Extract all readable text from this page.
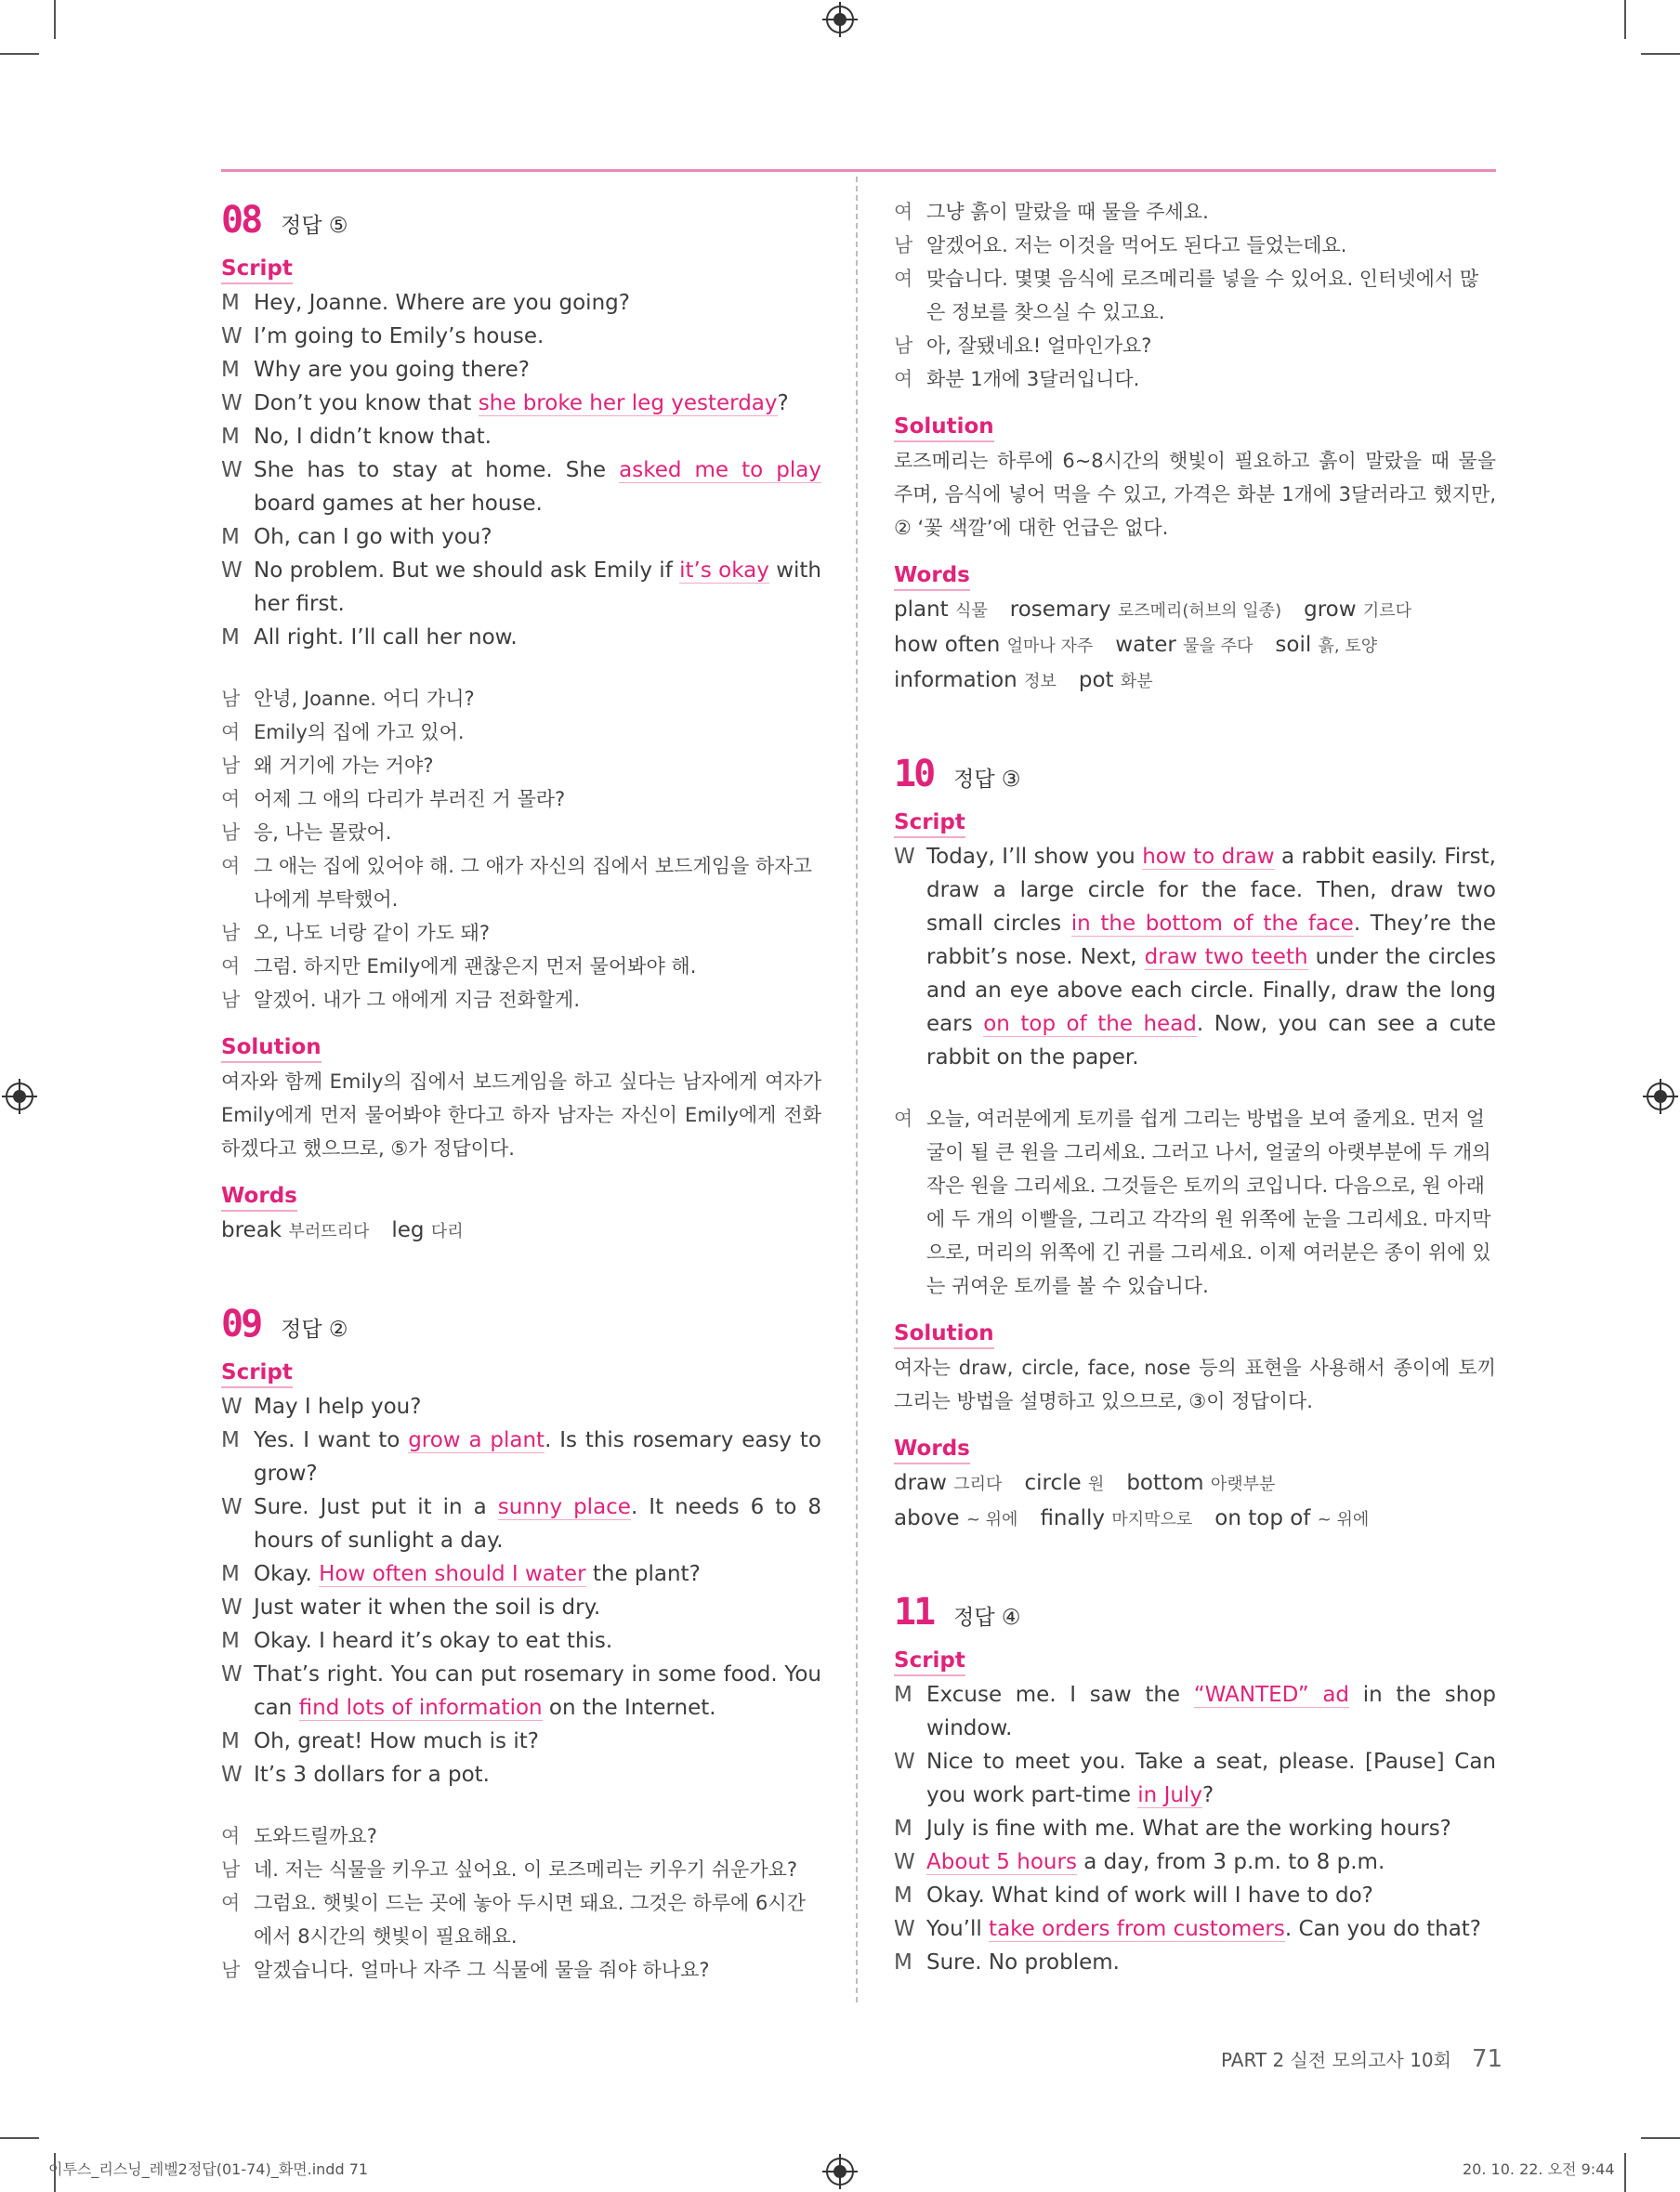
08 정답 ⑤
Script
M Hey, Joanne. Where are you going?
W I’m going to Emily’s house.
M Why are you going there?
W Don’t you know that she broke her leg yesterday?
M No, I didn’t know that.
W She has to stay at home. She asked me to play board games at her house.
M Oh, can I go with you?
W No problem. But we should ask Emily if it’s okay with her first.
M All right. I’ll call her now.
남 안녕, Joanne. 어디 가니?
여 Emily의 집에 가고 있어.
남 왜 거기에 가는 거야?
여 어제 그 애의 다리가 부러진 거 몰라?
남 응, 나는 몰랐어.
여 그 애는 집에 있어야 해. 그 애가 자신의 집에서 보드게임을 하자고 나에게 부탁했어.
남 오, 나도 너랑 같이 가도 돼?
여 그럼. 하지만 Emily에게 괜찮은지 먼저 물어봐야 해.
남 알겠어. 내가 그 애에게 지금 전화할게.
Solution
여자와 함께 Emily의 집에서 보드게임을 하고 싶다는 남자에게 여자가 Emily에게 먼저 물어봐야 한다고 하자 남자는 자신이 Emily에게 전화하겠다고 했으므로, ⑤가 정답이다.
Words
break 부러뜨리다 leg 다리
09 정답 ②
Script
W May I help you?
M Yes. I want to grow a plant. Is this rosemary easy to grow?
W Sure. Just put it in a sunny place. It needs 6 to 8 hours of sunlight a day.
M Okay. How often should I water the plant?
W Just water it when the soil is dry.
M Okay. I heard it’s okay to eat this.
W That’s right. You can put rosemary in some food. You can find lots of information on the Internet.
M Oh, great! How much is it?
W It’s 3 dollars for a pot.
여 도와드릴까요?
남 네. 저는 식물을 키우고 싶어요. 이 로즈메리는 키우기 쉬운가요?
여 그럼요. 햇빛이 드는 곳에 놓아 두시면 돼요. 그것은 하루에 6시간에서 8시간의 햇빛이 필요해요.
남 알겠습니다. 얼마나 자주 그 식물에 물을 줘야 하나요?
여 그냥 흙이 말랐을 때 물을 주세요.
남 알겠어요. 저는 이것을 먹어도 된다고 들었는데요.
여 맞습니다. 몇몇 음식에 로즈메리를 넣을 수 있어요. 인터넷에서 많은 정보를 찾으실 수 있고요.
남 아, 잘됐네요! 얼마인가요?
여 화분 1개에 3달러입니다.
Solution
로즈메리는 하루에 6~8시간의 햇빛이 필요하고 흙이 말랐을 때 물을 주며, 음식에 넣어 먹을 수 있고, 가격은 화분 1개에 3달러라고 했지만, ② ‘꽃 색깔’에 대한 언급은 없다.
Words
plant 식물 rosemary 로즈메리(허브의 일종) grow 기르다
how often 얼마나 자주 water 물을 주다 soil 흙, 토양
information 정보 pot 화분
10 정답 ③
Script
W Today, I’ll show you how to draw a rabbit easily. First, draw a large circle for the face. Then, draw two small circles in the bottom of the face. They’re the rabbit’s nose. Next, draw two teeth under the circles and an eye above each circle. Finally, draw the long ears on top of the head. Now, you can see a cute rabbit on the paper.
여 오늘, 여러분에게 토끼를 쉽게 그리는 방법을 보여 줄게요. 먼저 얼굴이 될 큰 원을 그리세요. 그러고 나서, 얼굴의 아랫부분에 두 개의 작은 원을 그리세요. 그것들은 토끼의 코입니다. 다음으로, 원 아래에 두 개의 이빨을, 그리고 각각의 원 위쪽에 눈을 그리세요. 마지막으로, 머리의 위쪽에 긴 귀를 그리세요. 이제 여러분은 종이 위에 있는 귀여운 토끼를 볼 수 있습니다.
Solution
여자는 draw, circle, face, nose 등의 표현을 사용해서 종이에 토끼 그리는 방법을 설명하고 있으므로, ③이 정답이다.
Words
draw 그리다 circle 원 bottom 아랫부분
above ~ 위에 finally 마지막으로 on top of ~ 위에
11 정답 ④
Script
M Excuse me. I saw the “WANTED” ad in the shop window.
W Nice to meet you. Take a seat, please. [Pause] Can you work part-time in July?
M July is fine with me. What are the working hours?
W About 5 hours a day, from 3 p.m. to 8 p.m.
M Okay. What kind of work will I have to do?
W You’ll take orders from customers. Can you do that?
M Sure. No problem.
PART 2 실전 모의고사 10회 71
이투스_리스닝_레벨2정답(01-74)_화면.indd 71	20. 10. 22. 오전 9:44
